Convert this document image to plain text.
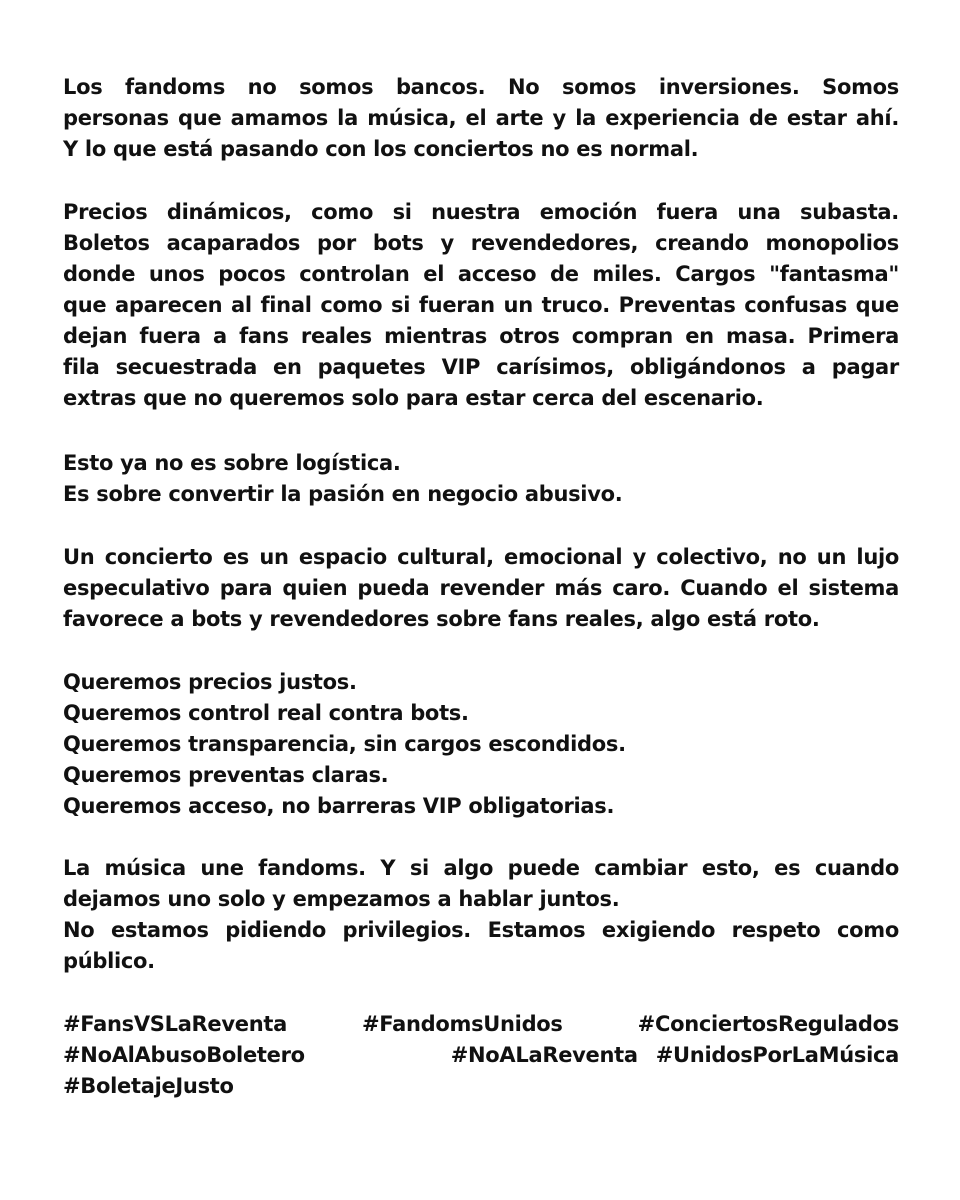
Los fandoms no somos bancos. No somos inversiones. Somos
personas que amamos la música, el arte y la experiencia de estar ahí.
Y lo que está pasando con los conciertos no es normal.
Precios dinámicos, como si nuestra emoción fuera una subasta.
Boletos acaparados por bots y revendedores, creando monopolios
donde unos pocos controlan el acceso de miles. Cargos "fantasma"
que aparecen al final como si fueran un truco. Preventas confusas que
dejan fuera a fans reales mientras otros compran en masa. Primera
fila secuestrada en paquetes VIP carísimos, obligándonos a pagar
extras que no queremos solo para estar cerca del escenario.
Esto ya no es sobre logística.
Es sobre convertir la pasión en negocio abusivo.
Un concierto es un espacio cultural, emocional y colectivo, no un lujo
especulativo para quien pueda revender más caro. Cuando el sistema
favorece a bots y revendedores sobre fans reales, algo está roto.
Queremos precios justos.
Queremos control real contra bots.
Queremos transparencia, sin cargos escondidos.
Queremos preventas claras.
Queremos acceso, no barreras VIP obligatorias.
La música une fandoms. Y si algo puede cambiar esto, es cuando
dejamos uno solo y empezamos a hablar juntos.
No estamos pidiendo privilegios. Estamos exigiendo respeto como
público.
#FansVSLaReventa	#FandomsUnidos	#ConciertosRegulados
#NoAlAbusoBoletero	#NoALaReventa #UnidosPorLaMúsica
#BoletajeJusto
